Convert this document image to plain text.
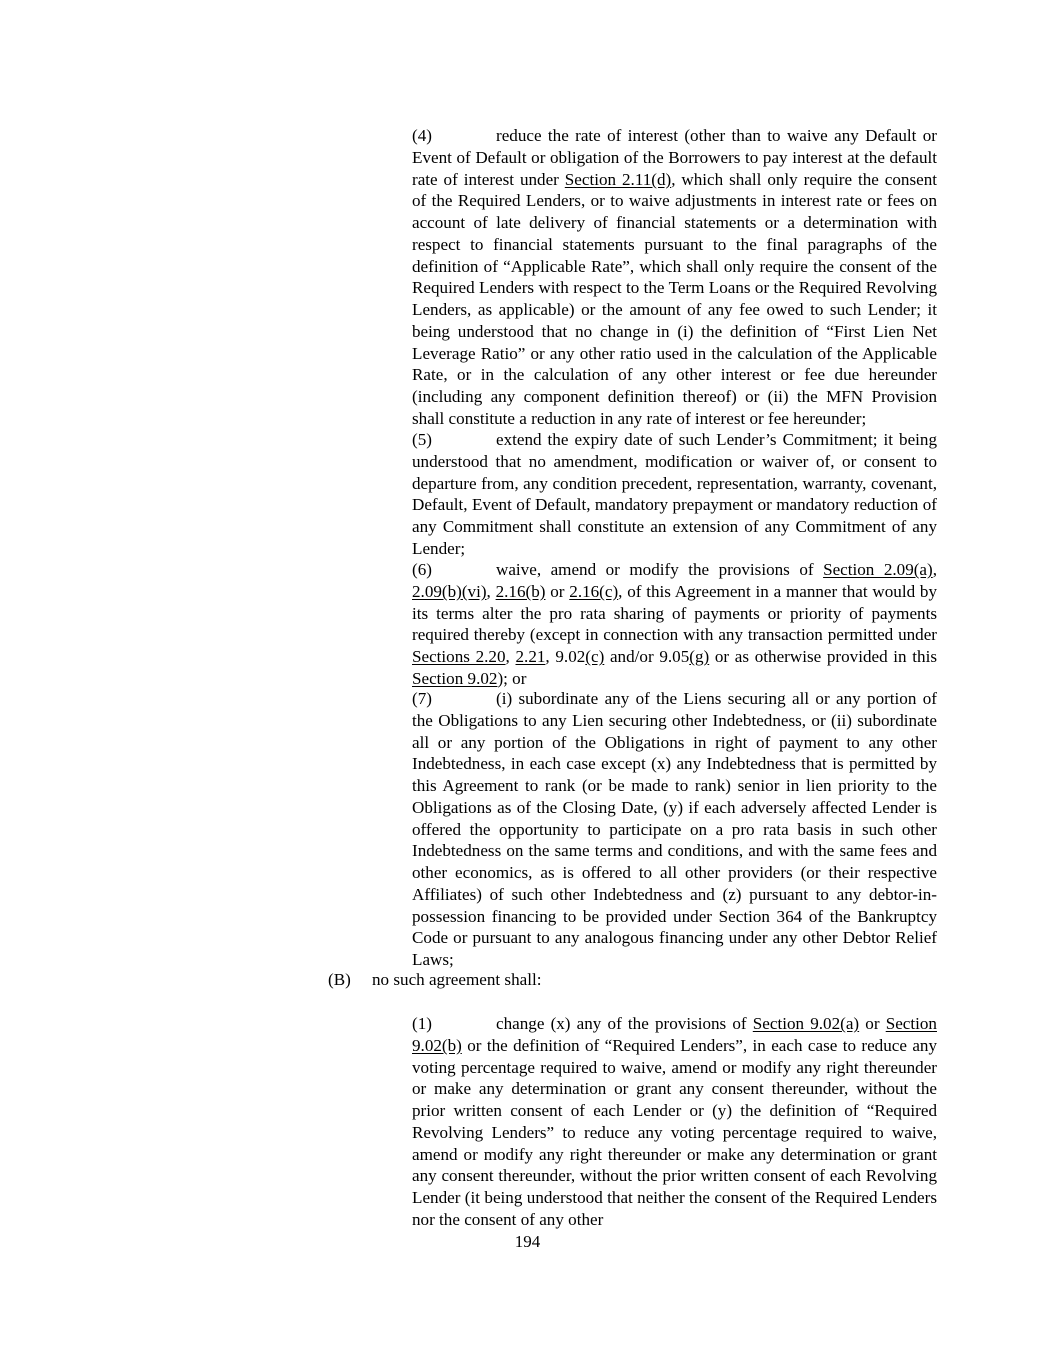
(4)	reduce the rate of interest (other than to waive any Default or Event of Default or obligation of the Borrowers to pay interest at the default rate of interest under Section 2.11(d), which shall only require the consent of the Required Lenders, or to waive adjustments in interest rate or fees on account of late delivery of financial statements or a determination with respect to financial statements pursuant to the final paragraphs of the definition of “Applicable Rate”, which shall only require the consent of the Required Lenders with respect to the Term Loans or the Required Revolving Lenders, as applicable) or the amount of any fee owed to such Lender; it being understood that no change in (i) the definition of “First Lien Net Leverage Ratio” or any other ratio used in the calculation of the Applicable Rate, or in the calculation of any other interest or fee due hereunder (including any component definition thereof) or (ii) the MFN Provision shall constitute a reduction in any rate of interest or fee hereunder;

(5)	extend the expiry date of such Lender’s Commitment; it being understood that no amendment, modification or waiver of, or consent to departure from, any condition precedent, representation, warranty, covenant, Default, Event of Default, mandatory prepayment or mandatory reduction of any Commitment shall constitute an extension of any Commitment of any Lender;

(6)	waive, amend or modify the provisions of Section 2.09(a), 2.09(b)(vi), 2.16(b) or 2.16(c), of this Agreement in a manner that would by its terms alter the pro rata sharing of payments or priority of payments required thereby (except in connection with any transaction permitted under Sections 2.20, 2.21, 9.02(c) and/or 9.05(g) or as otherwise provided in this Section 9.02); or

(7)	(i) subordinate any of the Liens securing all or any portion of the Obligations to any Lien securing other Indebtedness, or (ii) subordinate all or any portion of the Obligations in right of payment to any other Indebtedness, in each case except (x) any Indebtedness that is permitted by this Agreement to rank (or be made to rank) senior in lien priority to the Obligations as of the Closing Date, (y) if each adversely affected Lender is offered the opportunity to participate on a pro rata basis in such other Indebtedness on the same terms and conditions, and with the same fees and other economics, as is offered to all other providers (or their respective Affiliates) of such other Indebtedness and (z) pursuant to any debtor-in-possession financing to be provided under Section 364 of the Bankruptcy Code or pursuant to any analogous financing under any other Debtor Relief Laws;

(B) no such agreement shall:

(1)	change (x) any of the provisions of Section 9.02(a) or Section 9.02(b) or the definition of “Required Lenders”, in each case to reduce any voting percentage required to waive, amend or modify any right thereunder or make any determination or grant any consent thereunder, without the prior written consent of each Lender or (y) the definition of “Required Revolving Lenders” to reduce any voting percentage required to waive, amend or modify any right thereunder or make any determination or grant any consent thereunder, without the prior written consent of each Revolving Lender (it being understood that neither the consent of the Required Lenders nor the consent of any other

194
